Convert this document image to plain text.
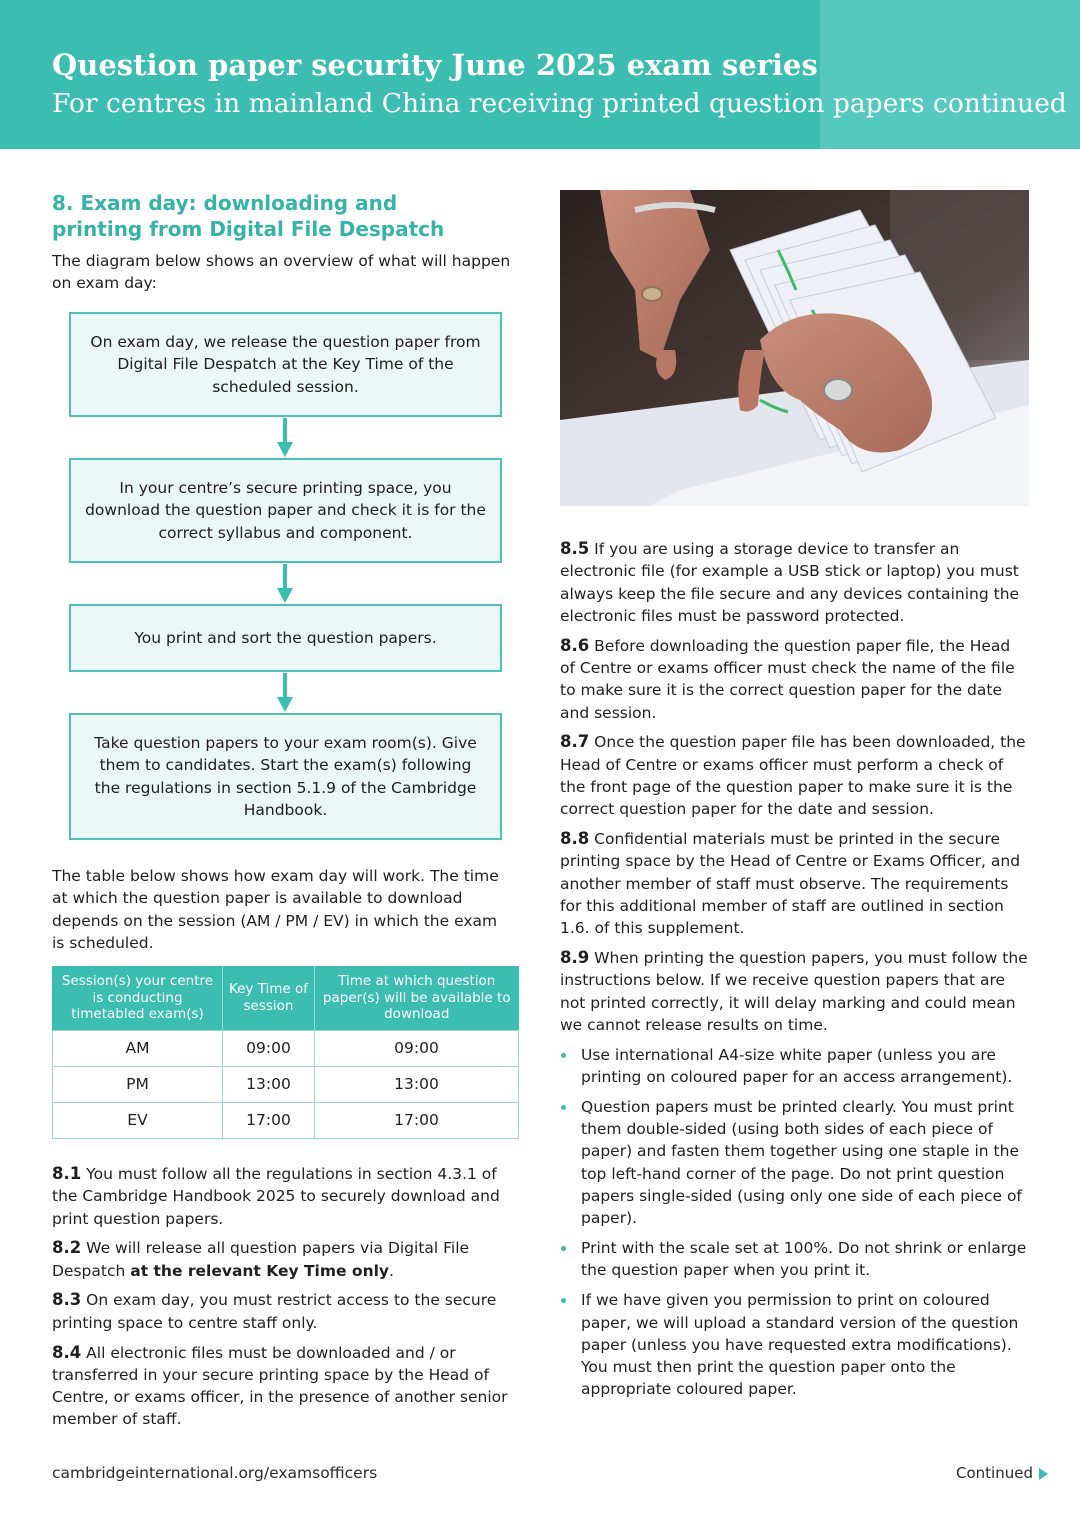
Question paper security June 2025 exam series
For centres in mainland China receiving printed question papers continued
8. Exam day: downloading and printing from Digital File Despatch
The diagram below shows an overview of what will happen on exam day:
On exam day, we release the question paper from Digital File Despatch at the Key Time of the scheduled session.
In your centre’s secure printing space, you download the question paper and check it is for the correct syllabus and component.
You print and sort the question papers.
Take question papers to your exam room(s). Give them to candidates. Start the exam(s) following the regulations in section 5.1.9 of the Cambridge Handbook.
The table below shows how exam day will work. The time at which the question paper is available to download depends on the session (AM / PM / EV) in which the exam is scheduled.
Session(s) your centre is conducting timetabled exam(s)	Key Time of session	Time at which question paper(s) will be available to download
AM	09:00	09:00
PM	13:00	13:00
EV	17:00	17:00
8.1 You must follow all the regulations in section 4.3.1 of the Cambridge Handbook 2025 to securely download and print question papers.
8.2 We will release all question papers via Digital File Despatch at the relevant Key Time only.
8.3 On exam day, you must restrict access to the secure printing space to centre staff only.
8.4 All electronic files must be downloaded and / or transferred in your secure printing space by the Head of Centre, or exams officer, in the presence of another senior member of staff.
8.5 If you are using a storage device to transfer an electronic file (for example a USB stick or laptop) you must always keep the file secure and any devices containing the electronic files must be password protected.
8.6 Before downloading the question paper file, the Head of Centre or exams officer must check the name of the file to make sure it is the correct question paper for the date and session.
8.7 Once the question paper file has been downloaded, the Head of Centre or exams officer must perform a check of the front page of the question paper to make sure it is the correct question paper for the date and session.
8.8 Confidential materials must be printed in the secure printing space by the Head of Centre or Exams Officer, and another member of staff must observe. The requirements for this additional member of staff are outlined in section 1.6. of this supplement.
8.9 When printing the question papers, you must follow the instructions below. If we receive question papers that are not printed correctly, it will delay marking and could mean we cannot release results on time.
Use international A4-size white paper (unless you are printing on coloured paper for an access arrangement).
Question papers must be printed clearly. You must print them double-sided (using both sides of each piece of paper) and fasten them together using one staple in the top left-hand corner of the page. Do not print question papers single-sided (using only one side of each piece of paper).
Print with the scale set at 100%. Do not shrink or enlarge the question paper when you print it.
If we have given you permission to print on coloured paper, we will upload a standard version of the question paper (unless you have requested extra modifications). You must then print the question paper onto the appropriate coloured paper.
cambridgeinternational.org/examsofficers	Continued
